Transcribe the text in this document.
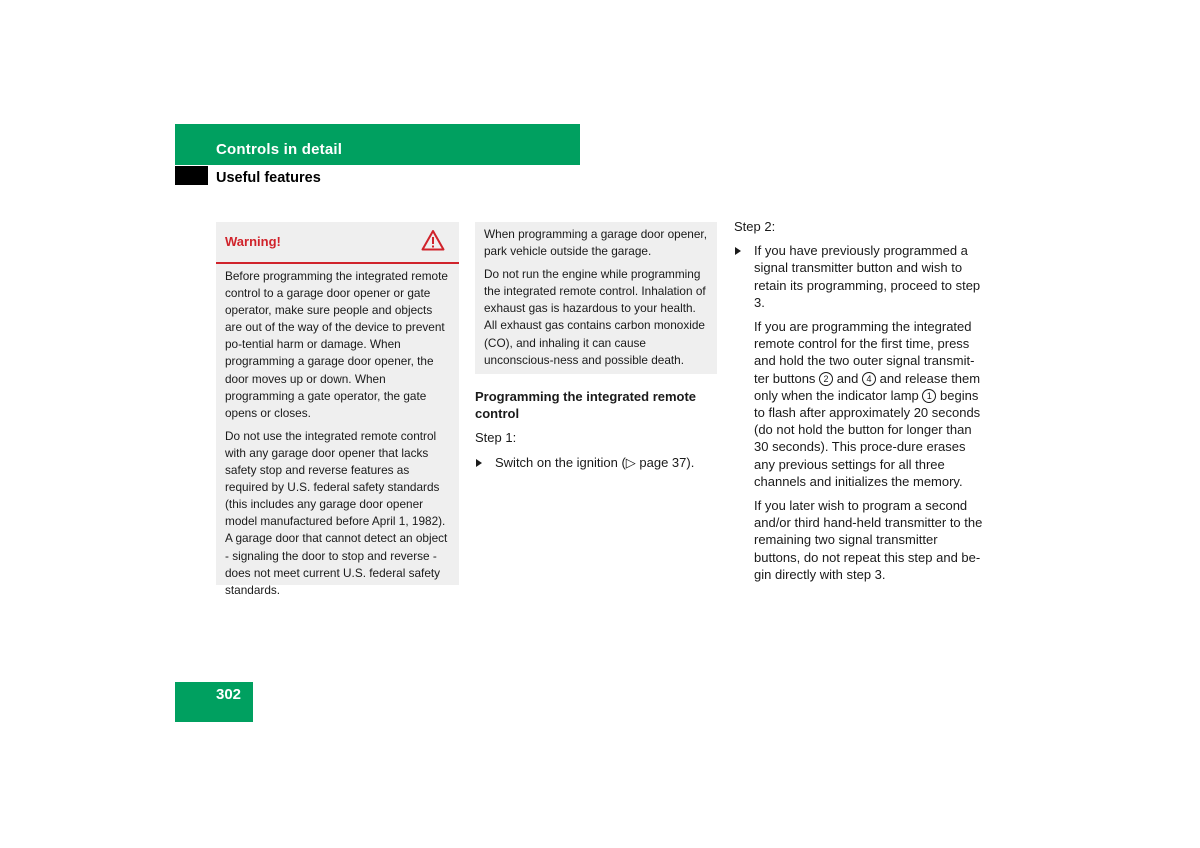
Controls in detail
Useful features
Warning!

Before programming the integrated remote control to a garage door opener or gate operator, make sure people and objects are out of the way of the device to prevent po-tential harm or damage. When programming a garage door opener, the door moves up or down. When programming a gate operator, the gate opens or closes.

Do not use the integrated remote control with any garage door opener that lacks safety stop and reverse features as required by U.S. federal safety standards (this includes any garage door opener model manufactured before April 1, 1982).

A garage door that cannot detect an object - signaling the door to stop and reverse - does not meet current U.S. federal safety standards.

When programming a garage door opener, park vehicle outside the garage.

Do not run the engine while programming the integrated remote control. Inhalation of exhaust gas is hazardous to your health. All exhaust gas contains carbon monoxide (CO), and inhaling it can cause unconscious-ness and possible death.

Programming the integrated remote control

Step 1:

Switch on the ignition (▷ page 37).

Step 2:

If you have previously programmed a signal transmitter button and wish to retain its programming, proceed to step 3.

If you are programming the integrated remote control for the first time, press and hold the two outer signal transmit-ter buttons 2 and 4 and release them only when the indicator lamp 1 begins to flash after approximately 20 seconds (do not hold the button for longer than 30 seconds). This proce-dure erases any previous settings for all three channels and initializes the memory.

If you later wish to program a second and/or third hand-held transmitter to the remaining two signal transmitter buttons, do not repeat this step and be-gin directly with step 3.

302
